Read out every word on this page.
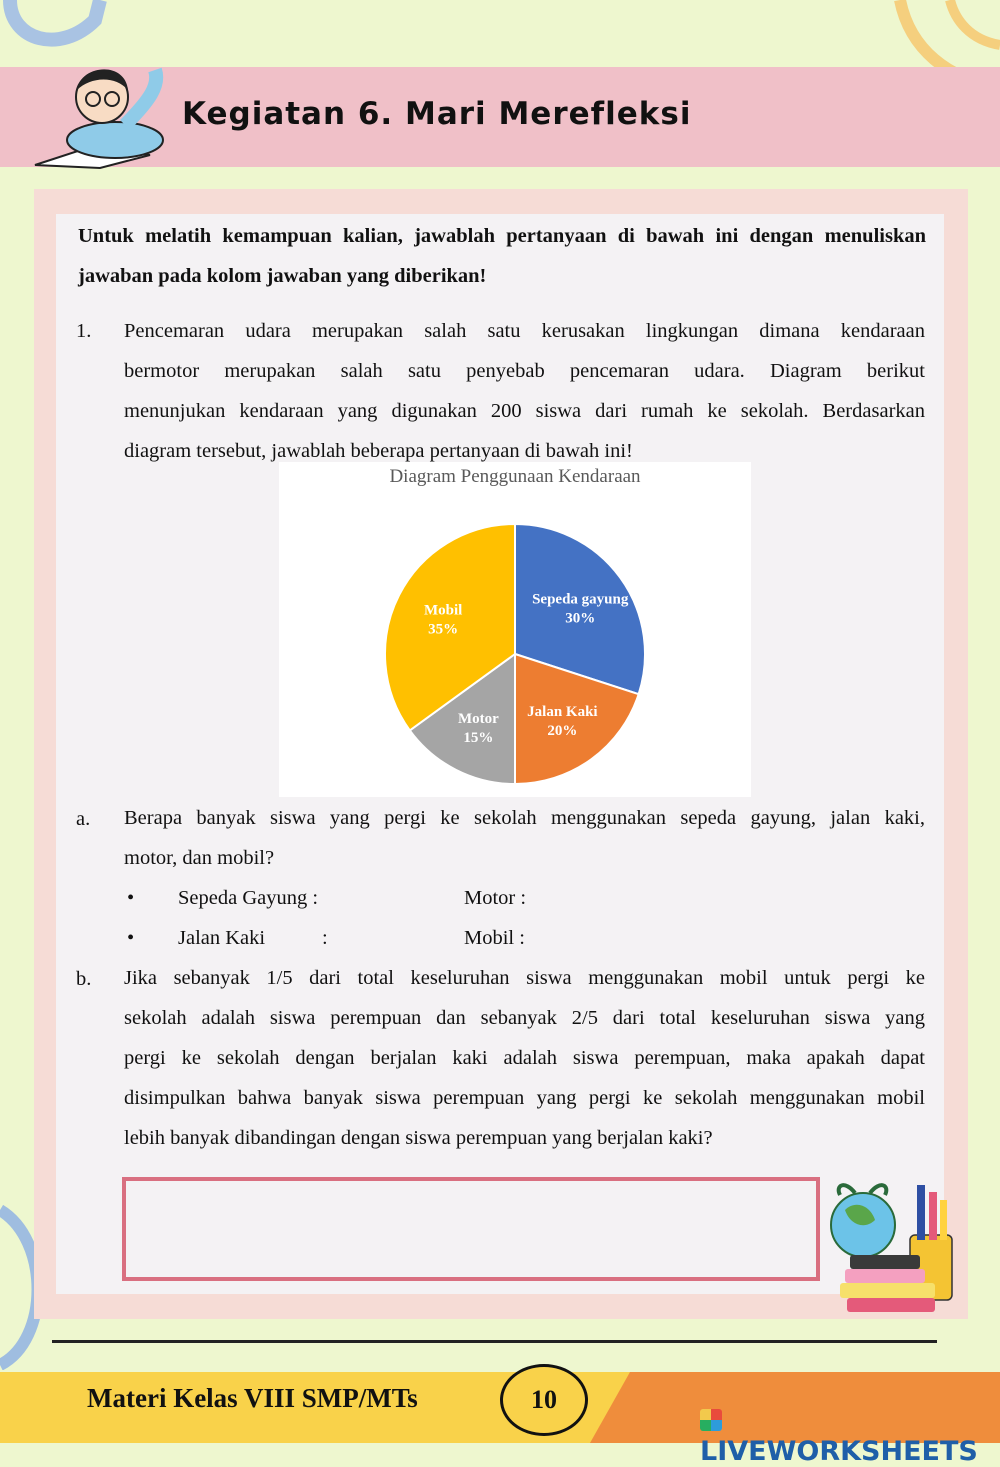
Kegiatan 6. Mari Merefleksi
Untuk melatih kemampuan kalian, jawablah pertanyaan di bawah ini dengan menuliskan
jawaban pada kolom jawaban yang diberikan!
1. Pencemaran udara merupakan salah satu kerusakan lingkungan dimana kendaraan
bermotor merupakan salah satu penyebab pencemaran udara. Diagram berikut
menunjukan kendaraan yang digunakan 200 siswa dari rumah ke sekolah. Berdasarkan
diagram tersebut, jawablah beberapa pertanyaan di bawah ini!
Diagram Penggunaan Kendaraan
Sepeda gayung
30%
Jalan Kaki
20%
Motor
15%
Mobil
35%
a. Berapa banyak siswa yang pergi ke sekolah menggunakan sepeda gayung, jalan kaki,
motor, dan mobil?
• Sepeda Gayung :	Motor :
• Jalan Kaki	:	Mobil :
b. Jika sebanyak 1/5 dari total keseluruhan siswa menggunakan mobil untuk pergi ke
sekolah adalah siswa perempuan dan sebanyak 2/5 dari total keseluruhan siswa yang
pergi ke sekolah dengan berjalan kaki adalah siswa perempuan, maka apakah dapat
disimpulkan bahwa banyak siswa perempuan yang pergi ke sekolah menggunakan mobil
lebih banyak dibandingan dengan siswa perempuan yang berjalan kaki?
Materi Kelas VIII SMP/MTs	10
LIVEWORKSHEETS
